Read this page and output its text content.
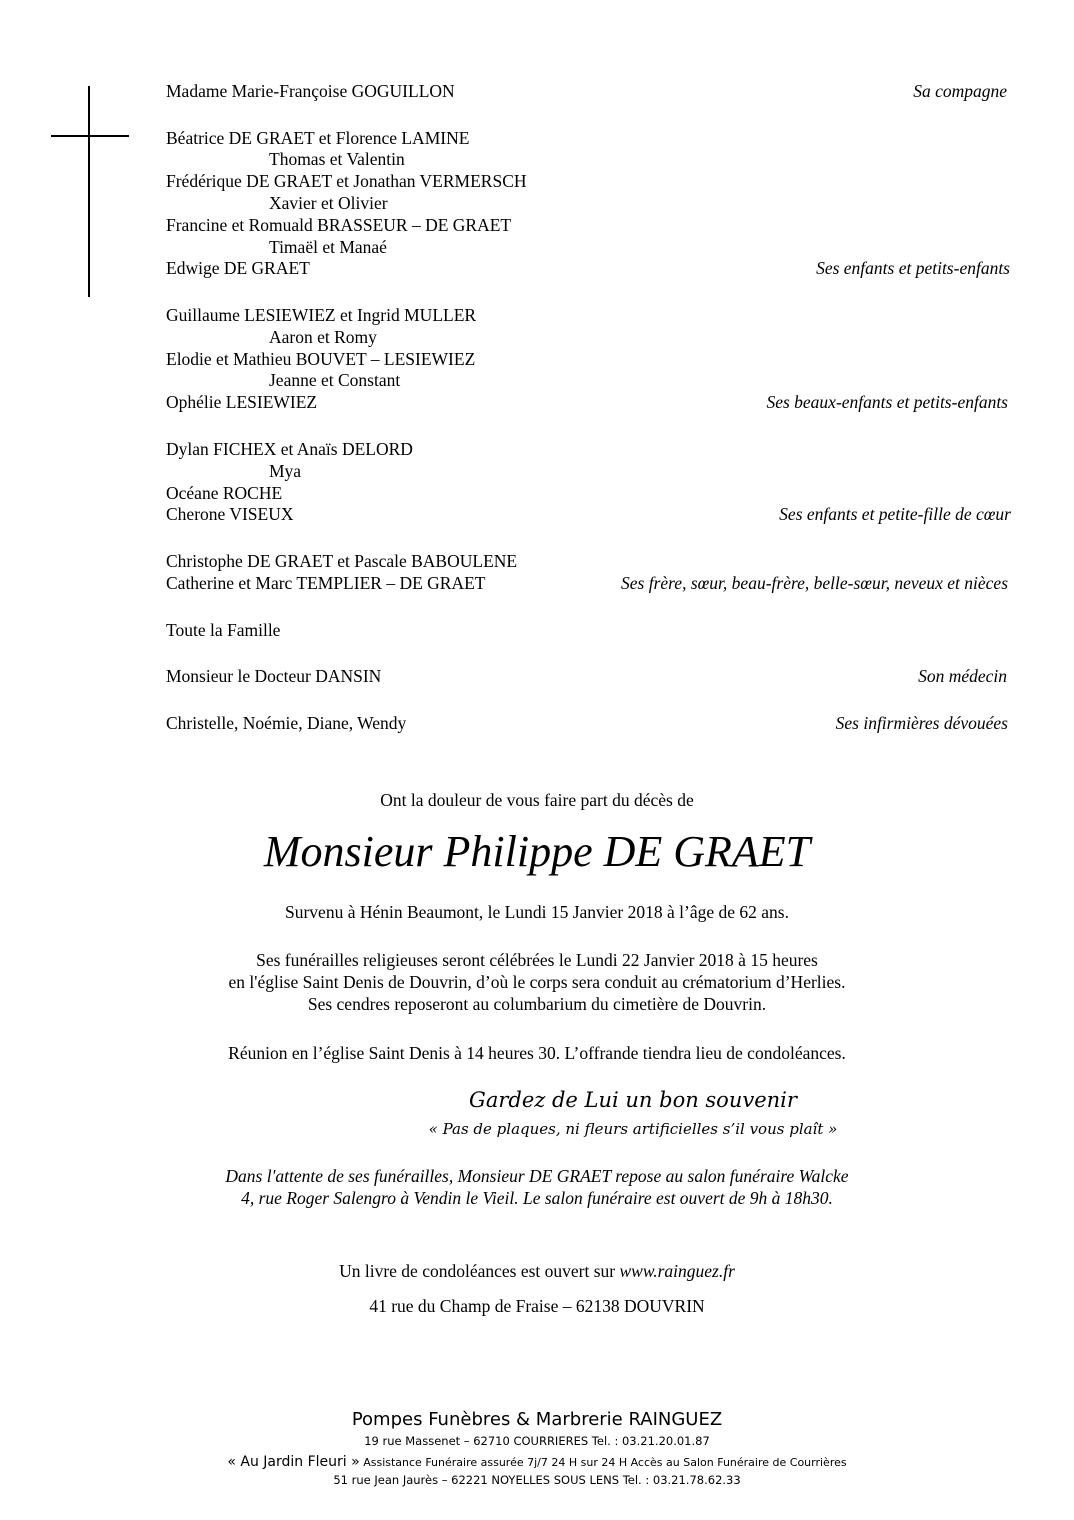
Madame Marie-Françoise GOGUILLON	Sa compagne
Béatrice DE GRAET et Florence LAMINE
Thomas et Valentin
Frédérique DE GRAET et Jonathan VERMERSCH
Xavier et Olivier
Francine et Romuald BRASSEUR – DE GRAET
Timaël et Manaé
Edwige DE GRAET	Ses enfants et petits-enfants
Guillaume LESIEWIEZ et Ingrid MULLER
Aaron et Romy
Elodie et Mathieu BOUVET – LESIEWIEZ
Jeanne et Constant
Ophélie LESIEWIEZ	Ses beaux-enfants et petits-enfants
Dylan FICHEX et Anaïs DELORD
Mya
Océane ROCHE
Cherone VISEUX	Ses enfants et petite-fille de cœur
Christophe DE GRAET et Pascale BABOULENE
Catherine et Marc TEMPLIER – DE GRAET	Ses frère, sœur, beau-frère, belle-sœur, neveux et nièces
Toute la Famille
Monsieur le Docteur DANSIN	Son médecin
Christelle, Noémie, Diane, Wendy	Ses infirmières dévouées
Ont la douleur de vous faire part du décès de
Monsieur Philippe DE GRAET
Survenu à Hénin Beaumont, le Lundi 15 Janvier 2018 à l’âge de 62 ans.
Ses funérailles religieuses seront célébrées le Lundi 22 Janvier 2018 à 15 heures
en l'église Saint Denis de Douvrin, d’où le corps sera conduit au crématorium d’Herlies.
Ses cendres reposeront au columbarium du cimetière de Douvrin.
Réunion en l’église Saint Denis à 14 heures 30. L’offrande tiendra lieu de condoléances.
Gardez de Lui un bon souvenir
« Pas de plaques, ni fleurs artificielles s’il vous plaît »
Dans l'attente de ses funérailles, Monsieur DE GRAET repose au salon funéraire Walcke
4, rue Roger Salengro à Vendin le Vieil. Le salon funéraire est ouvert de 9h à 18h30.
Un livre de condoléances est ouvert sur www.rainguez.fr
41 rue du Champ de Fraise – 62138 DOUVRIN
Pompes Funèbres & Marbrerie RAINGUEZ
19 rue Massenet – 62710 COURRIERES Tel. : 03.21.20.01.87
« Au Jardin Fleuri » Assistance Funéraire assurée 7j/7 24 H sur 24 H Accès au Salon Funéraire de Courrières
51 rue Jean Jaurès – 62221 NOYELLES SOUS LENS Tel. : 03.21.78.62.33
